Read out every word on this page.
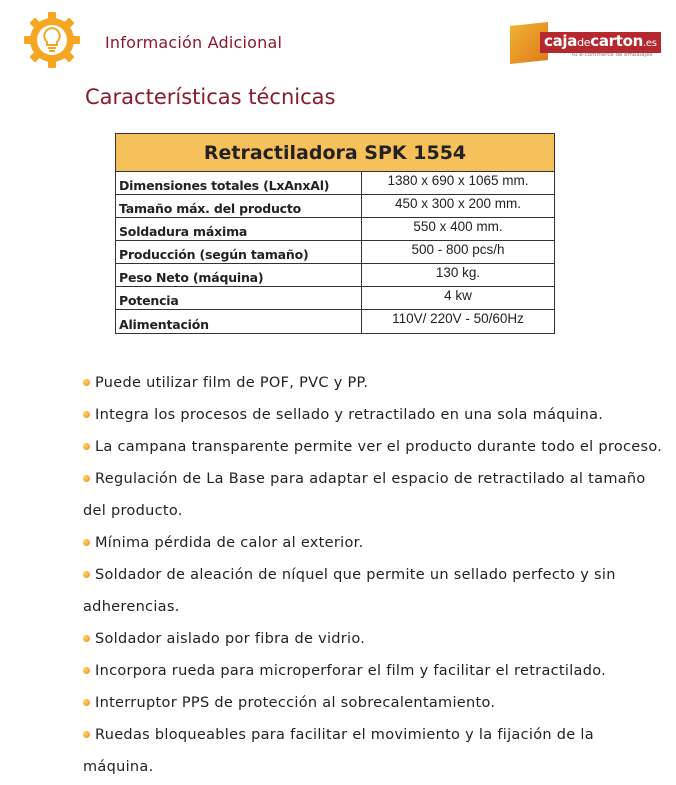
Información Adicional	cajadecarton.es
tu e-commerce de embalajes
Características técnicas
Retractiladora SPK 1554
Dimensiones totales (LxAnxAl)	1380 x 690 x 1065 mm.
Tamaño máx. del producto	450 x 300 x 200 mm.
Soldadura máxima	550 x 400 mm.
Producción (según tamaño)	500 - 800 pcs/h
Peso Neto (máquina)	130 kg.
Potencia	4 kw
Alimentación	110V/ 220V - 50/60Hz
Puede utilizar film de POF, PVC y PP.
Integra los procesos de sellado y retractilado en una sola máquina.
La campana transparente permite ver el producto durante todo el proceso.
Regulación de La Base para adaptar el espacio de retractilado al tamaño del producto.
Mínima pérdida de calor al exterior.
Soldador de aleación de níquel que permite un sellado perfecto y sin adherencias.
Soldador aislado por fibra de vidrio.
Incorpora rueda para microperforar el film y facilitar el retractilado.
Interruptor PPS de protección al sobrecalentamiento.
Ruedas bloqueables para facilitar el movimiento y la fijación de la máquina.
